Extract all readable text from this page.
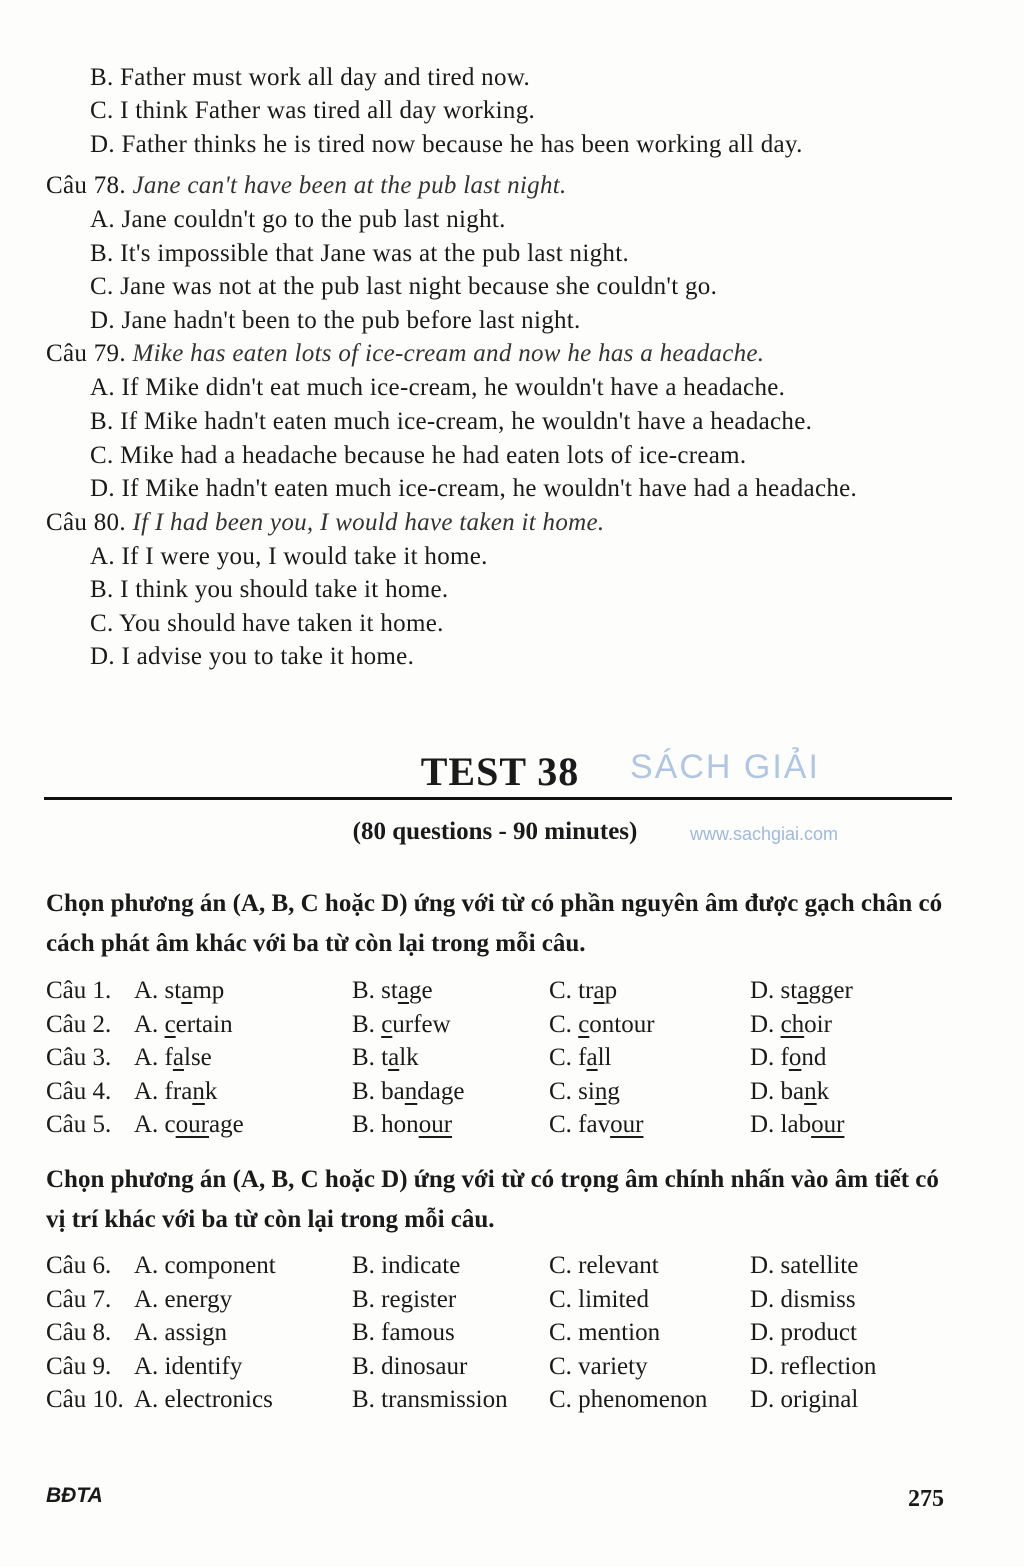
B. Father must work all day and tired now.
C. I think Father was tired all day working.
D. Father thinks he is tired now because he has been working all day.
Câu 78. Jane can't have been at the pub last night.
A. Jane couldn't go to the pub last night.
B. It's impossible that Jane was at the pub last night.
C. Jane was not at the pub last night because she couldn't go.
D. Jane hadn't been to the pub before last night.
Câu 79. Mike has eaten lots of ice-cream and now he has a headache.
A. If Mike didn't eat much ice-cream, he wouldn't have a headache.
B. If Mike hadn't eaten much ice-cream, he wouldn't have a headache.
C. Mike had a headache because he had eaten lots of ice-cream.
D. If Mike hadn't eaten much ice-cream, he wouldn't have had a headache.
Câu 80. If I had been you, I would have taken it home.
A. If I were you, I would take it home.
B. I think you should take it home.
C. You should have taken it home.
D. I advise you to take it home.
TEST 38	SÁCH GIẢI
(80 questions - 90 minutes)	www.sachgiai.com
Chọn phương án (A, B, C hoặc D) ứng với từ có phần nguyên âm được gạch chân có cách phát âm khác với ba từ còn lại trong mỗi câu.
Câu 1. A. stamp	B. stage	C. trap	D. stagger
Câu 2. A. certain	B. curfew	C. contour	D. choir
Câu 3. A. false	B. talk	C. fall	D. fond
Câu 4. A. frank	B. bandage	C. sing	D. bank
Câu 5. A. courage	B. honour	C. favour	D. labour
Chọn phương án (A, B, C hoặc D) ứng với từ có trọng âm chính nhấn vào âm tiết có vị trí khác với ba từ còn lại trong mỗi câu.
Câu 6. A. component	B. indicate	C. relevant	D. satellite
Câu 7. A. energy	B. register	C. limited	D. dismiss
Câu 8. A. assign	B. famous	C. mention	D. product
Câu 9. A. identify	B. dinosaur	C. variety	D. reflection
Câu 10. A. electronics	B. transmission C. phenomenon D. original
BĐTA	275
